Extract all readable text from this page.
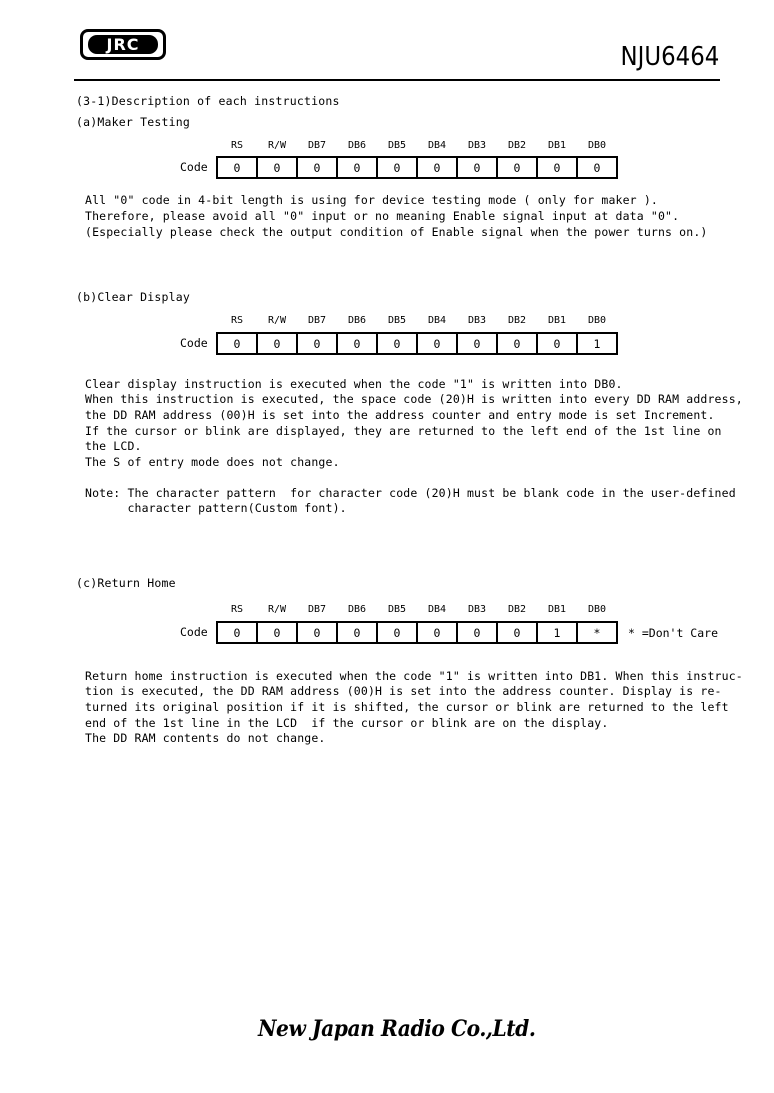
JRC	NJU6464
(3-1)Description of each instructions
(a)Maker Testing
RS	R/W	DB7	DB6	DB5	DB4	DB3	DB2	DB1	DB0
Code 0	0	0	0	0	0	0	0	0	0
All "0" code in 4-bit length is using for device testing mode ( only for maker ).
Therefore, please avoid all "0" input or no meaning Enable signal input at data "0".
(Especially please check the output condition of Enable signal when the power turns on.)
(b)Clear Display
RS	R/W	DB7	DB6	DB5	DB4	DB3	DB2	DB1	DB0
Code 0	0	0	0	0	0	0	0	0	1
Clear display instruction is executed when the code "1" is written into DB0.
When this instruction is executed, the space code (20)H is written into every DD RAM address,
the DD RAM address (00)H is set into the address counter and entry mode is set Increment.
If the cursor or blink are displayed, they are returned to the left end of the 1st line on
the LCD.
The S of entry mode does not change.
Note: The character pattern  for character code (20)H must be blank code in the user-defined
character pattern(Custom font).
(c)Return Home
RS	R/W	DB7	DB6	DB5	DB4	DB3	DB2	DB1	DB0
Code 0	0	0	0	0	0	0	0	1	* * =Don't Care
Return home instruction is executed when the code "1" is written into DB1. When this instruc-
tion is executed, the DD RAM address (00)H is set into the address counter. Display is re-
turned its original position if it is shifted, the cursor or blink are returned to the left
end of the 1st line in the LCD  if the cursor or blink are on the display.
The DD RAM contents do not change.
New Japan Radio Co.,Ltd.
